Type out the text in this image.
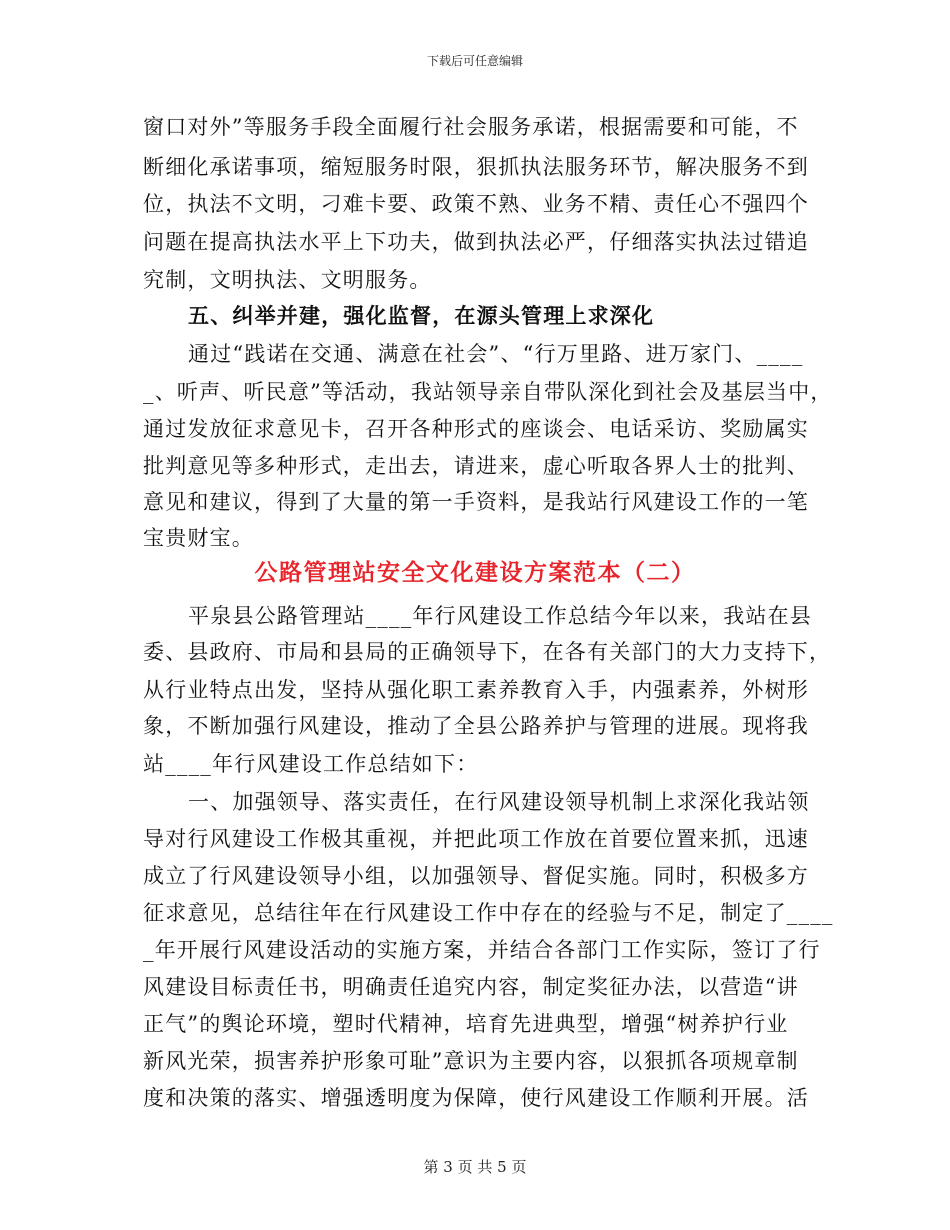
下载后可任意编辑
窗口对外”等服务手段全面履行社会服务承诺，根据需要和可能，不
断细化承诺事项，缩短服务时限，狠抓执法服务环节，解决服务不到
位，执法不文明，刁难卡要、政策不熟、业务不精、责任心不强四个
问题在提高执法水平上下功夫，做到执法必严，仔细落实执法过错追
究制，文明执法、文明服务。
五、纠举并建，强化监督，在源头管理上求深化
通过“践诺在交通、满意在社会”、“行万里路、进万家门、____
_、听声、听民意”等活动，我站领导亲自带队深化到社会及基层当中，
通过发放征求意见卡，召开各种形式的座谈会、电话采访、奖励属实
批判意见等多种形式，走出去，请进来，虚心听取各界人士的批判、
意见和建议，得到了大量的第一手资料，是我站行风建设工作的一笔
宝贵财宝。
公路管理站安全文化建设方案范本（二）
平泉县公路管理站____年行风建设工作总结今年以来，我站在县
委、县政府、市局和县局的正确领导下，在各有关部门的大力支持下，
从行业特点出发，坚持从强化职工素养教育入手，内强素养，外树形
象，不断加强行风建设，推动了全县公路养护与管理的进展。现将我
站____年行风建设工作总结如下：
一、加强领导、落实责任，在行风建设领导机制上求深化我站领
导对行风建设工作极其重视，并把此项工作放在首要位置来抓，迅速
成立了行风建设领导小组，以加强领导、督促实施。同时，积极多方
征求意见，总结往年在行风建设工作中存在的经验与不足，制定了____
_年开展行风建设活动的实施方案，并结合各部门工作实际，签订了行
风建设目标责任书，明确责任追究内容，制定奖征办法，以营造“讲
正气”的舆论环境，塑时代精神，培育先进典型，增强“树养护行业
新风光荣，损害养护形象可耻”意识为主要内容，以狠抓各项规章制
度和决策的落实、增强透明度为保障，使行风建设工作顺利开展。活
第 3 页 共 5 页
